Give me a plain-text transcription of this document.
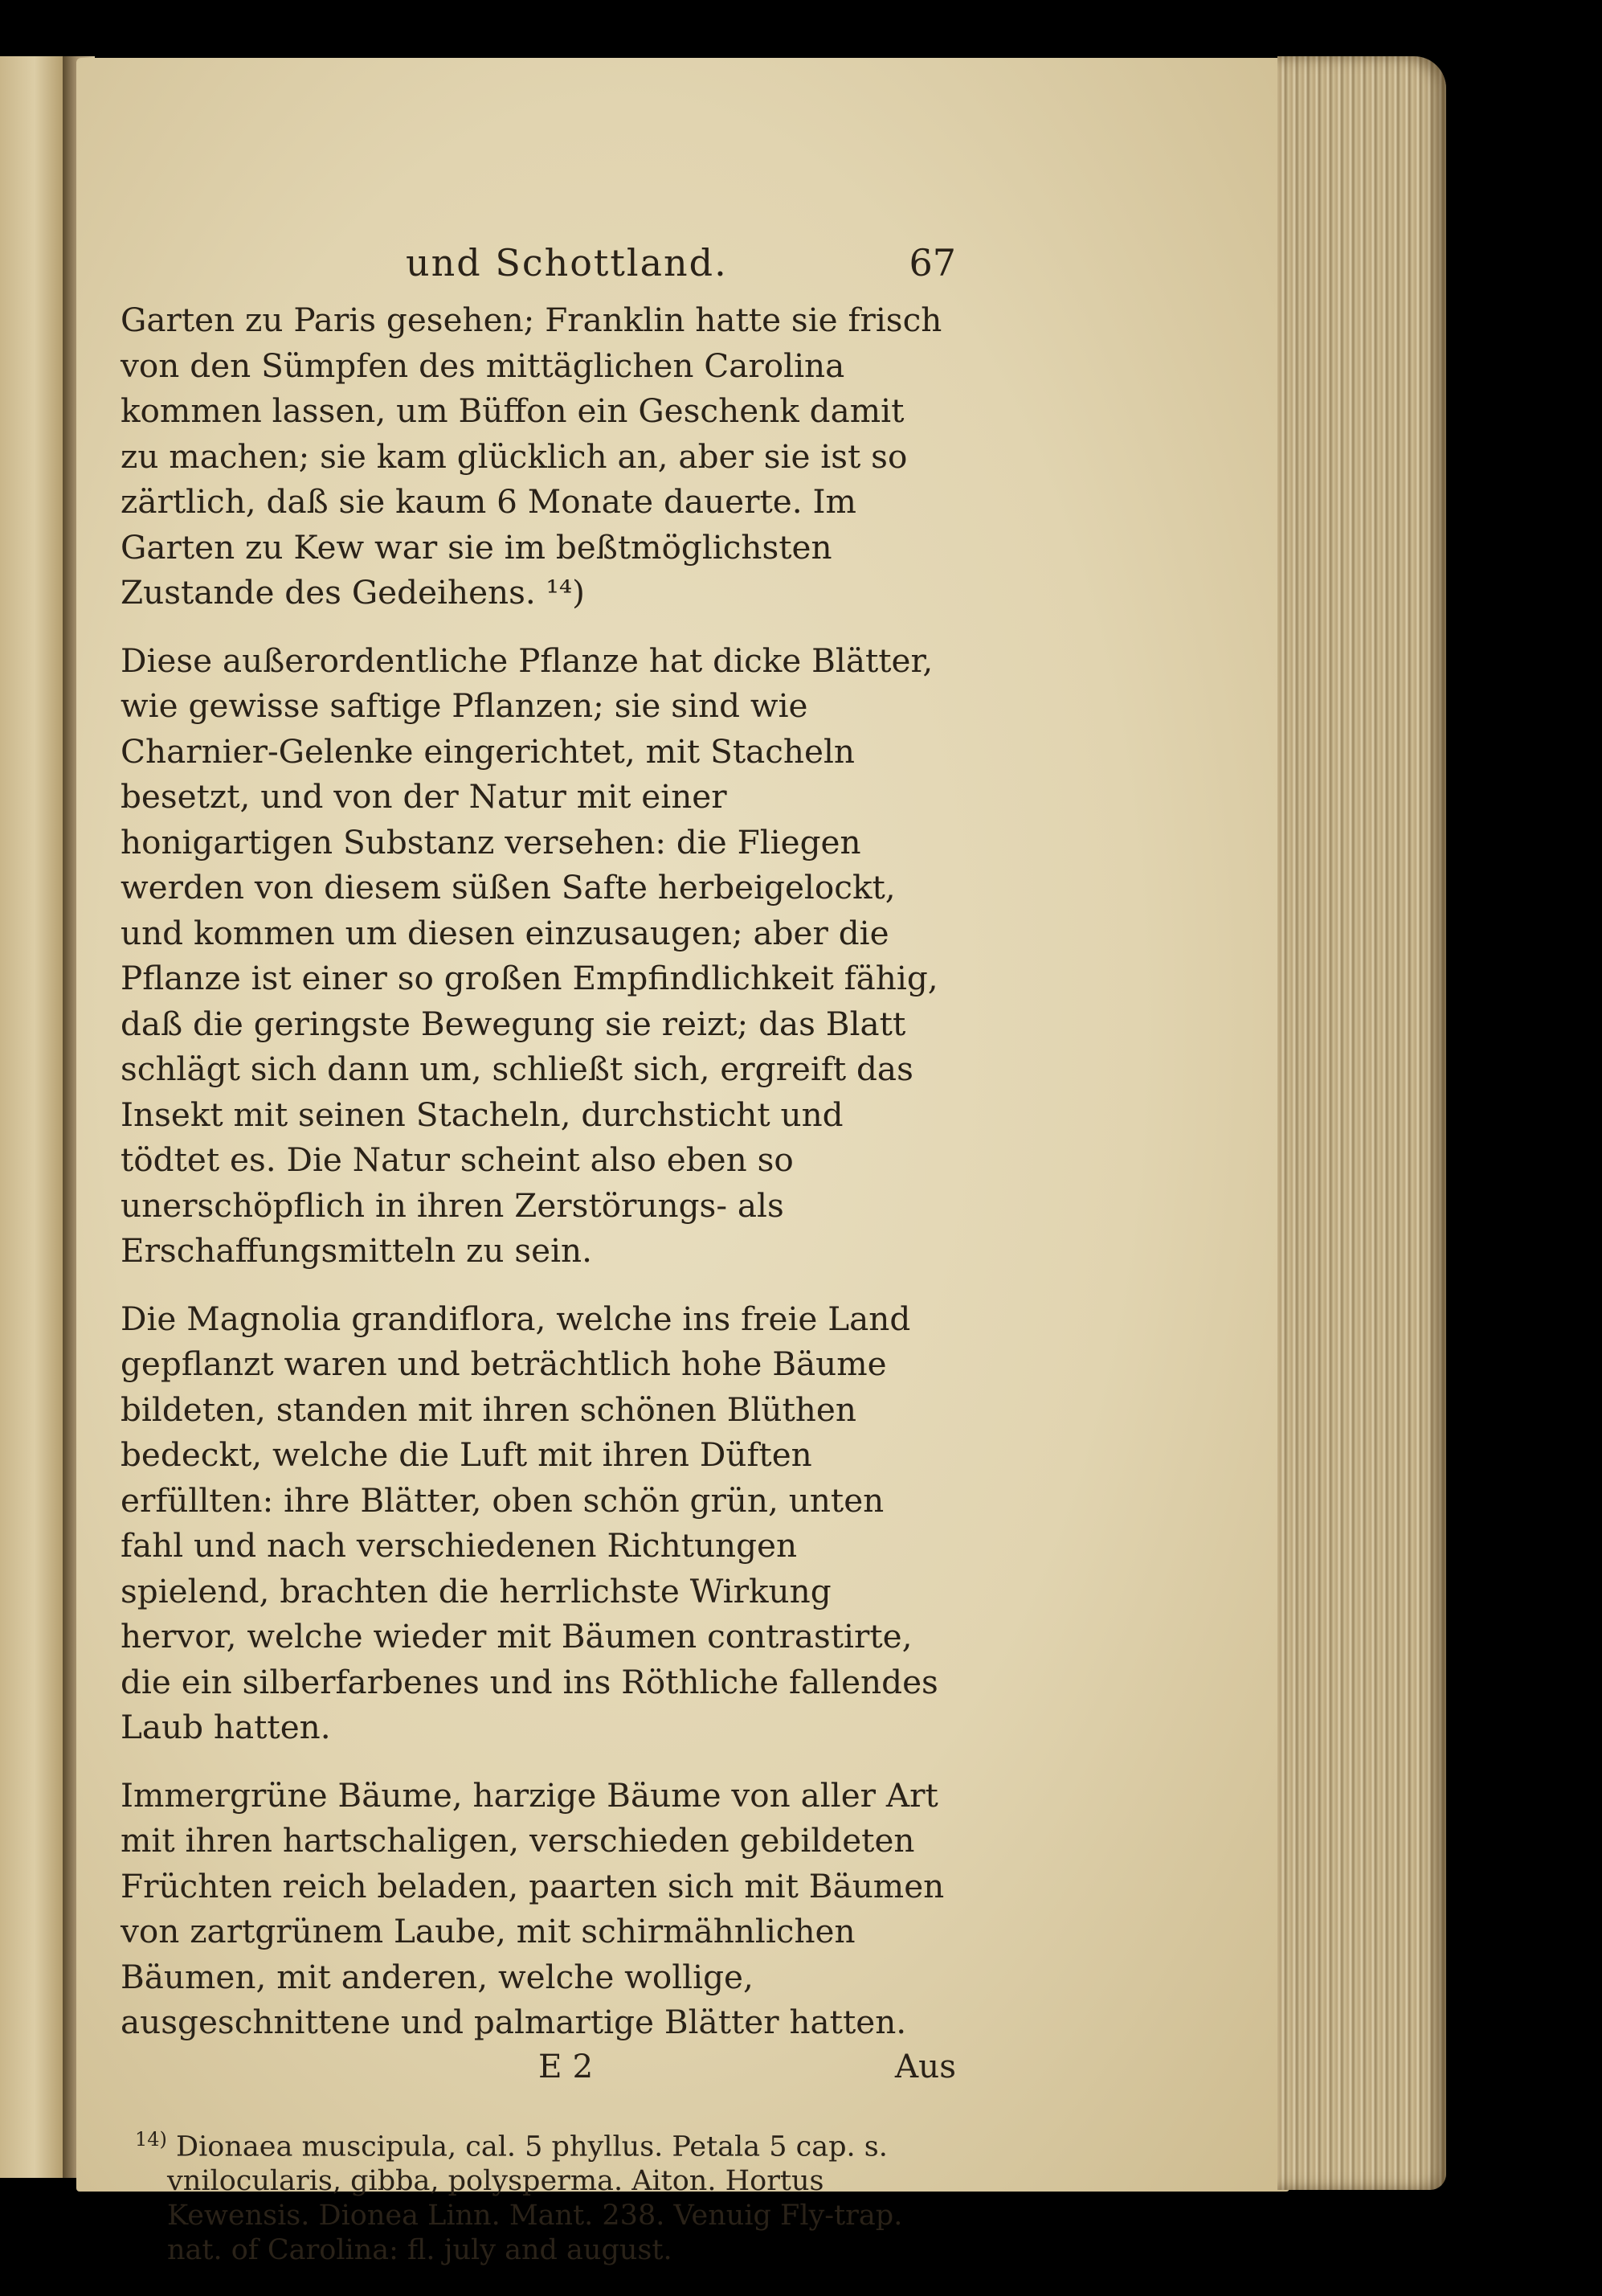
und Schottland.	67

Garten zu Paris gesehen; Franklin hatte sie frisch von den Sümpfen des mittäglichen Carolina kommen lassen, um Büffon ein Geschenk damit zu machen; sie kam glücklich an, aber sie ist so zärtlich, daß sie kaum 6 Monate dauerte. Im Garten zu Kew war sie im beßtmöglichsten Zustande des Gedeihens. ¹⁴)

Diese außerordentliche Pflanze hat dicke Blätter, wie gewisse saftige Pflanzen; sie sind wie Charnier-Gelenke eingerichtet, mit Stacheln besetzt, und von der Natur mit einer honigartigen Substanz versehen: die Fliegen werden von diesem süßen Safte herbeigelockt, und kommen um diesen einzusaugen; aber die Pflanze ist einer so großen Empfindlichkeit fähig, daß die geringste Bewegung sie reizt; das Blatt schlägt sich dann um, schließt sich, ergreift das Insekt mit seinen Stacheln, durchsticht und tödtet es. Die Natur scheint also eben so unerschöpflich in ihren Zerstörungs- als Erschaffungsmitteln zu sein.

Die Magnolia grandiflora, welche ins freie Land gepflanzt waren und beträchtlich hohe Bäume bildeten, standen mit ihren schönen Blüthen bedeckt, welche die Luft mit ihren Düften erfüllten: ihre Blätter, oben schön grün, unten fahl und nach verschiedenen Richtungen spielend, brachten die herrlichste Wirkung hervor, welche wieder mit Bäumen contrastirte, die ein silberfarbenes und ins Röthliche fallendes Laub hatten.

Immergrüne Bäume, harzige Bäume von aller Art mit ihren hartschaligen, verschieden gebildeten Früchten reich beladen, paarten sich mit Bäumen von zartgrünem Laube, mit schirmähnlichen Bäumen, mit anderen, welche wollige, ausgeschnittene und palmartige Blätter hatten.

E 2	Aus

$^{14)}$ Dionaea muscipula, cal. 5 phyllus. Petala 5 cap. s. vnilocularis, gibba, polysperma. Aiton. Hortus Kewensis. Dionea Linn. Mant. 238. Venuig Fly-trap. nat. of Carolina: fl. july and august.
